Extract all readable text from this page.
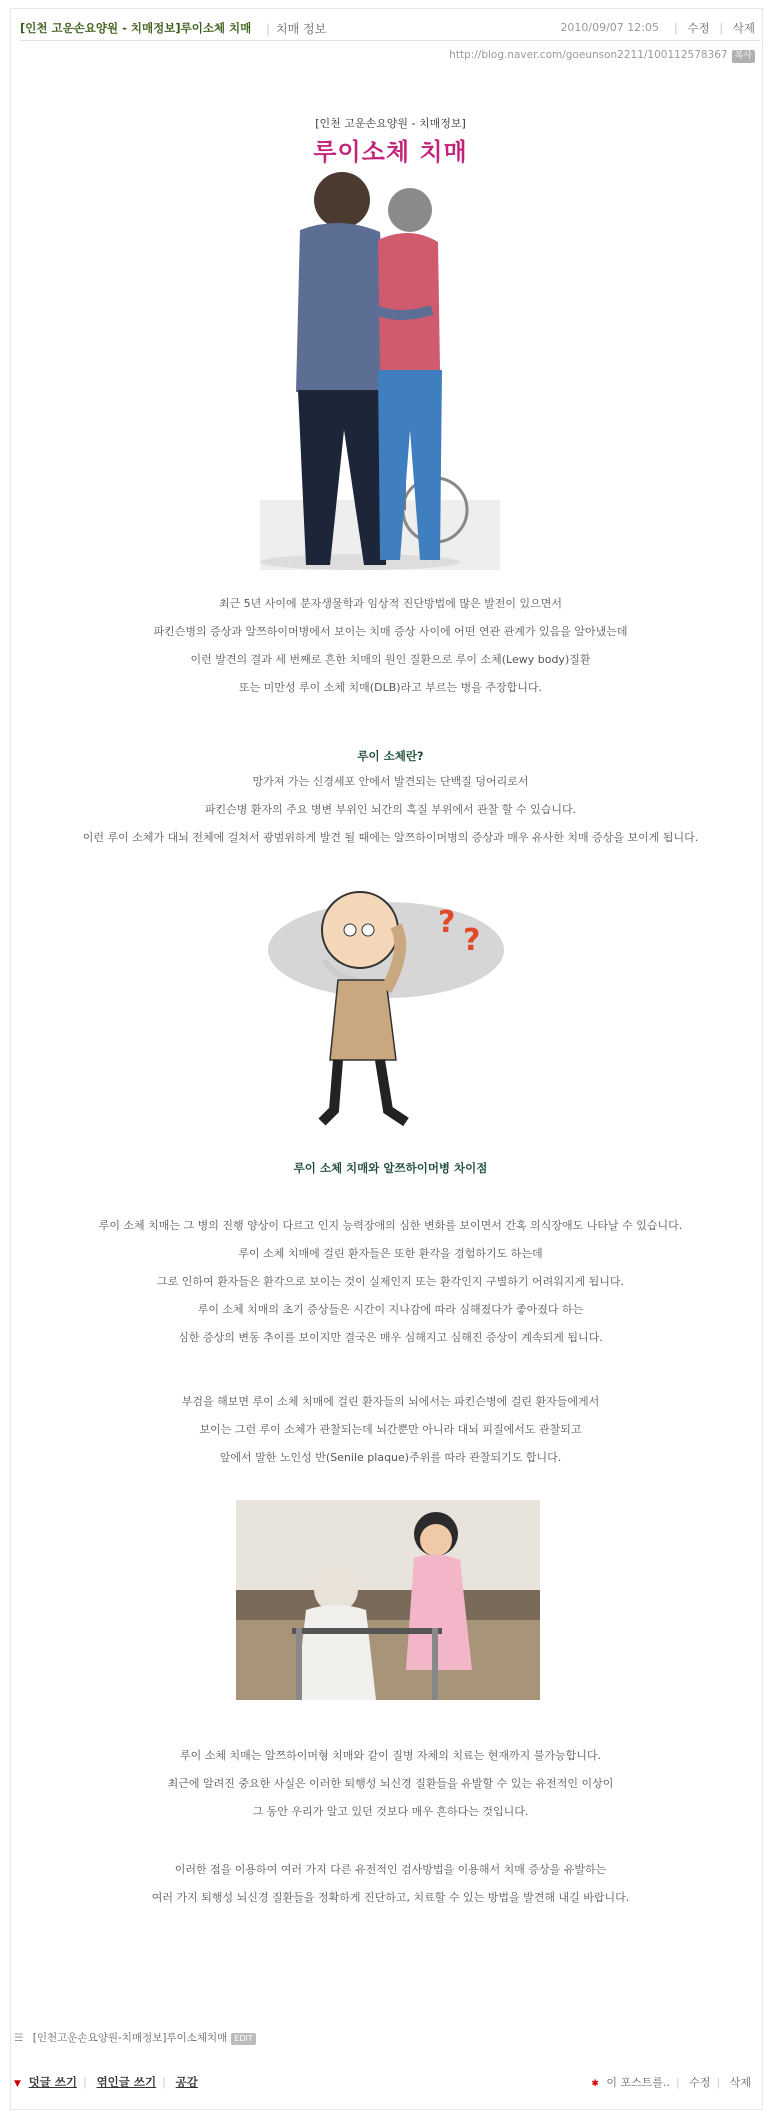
[인천 고운손요양원 - 치매정보]루이소체 치매	| 치매 정보	2010/09/07 12:05	| 수정 | 삭제
http://blog.naver.com/goeunson2211/100112578367 복사
[인천 고운손요양원 - 치매정보]
루이소체 치매

최근 5년 사이에 분자생물학과 임상적 진단방법에 많은 발전이 있으면서

파킨슨병의 증상과 알쯔하이머병에서 보이는 치매 증상 사이에 어떤 연관 관계가 있음을 알아냈는데

이런 발견의 결과 세 번째로 흔한 치매의 원인 질환으로 루이 소체(Lewy body)질환

또는 미만성 루이 소체 치매(DLB)라고 부르는 병을 주장합니다.

루이 소체란?

망가져 가는 신경세포 안에서 발견되는 단백질 덩어리로서

파킨슨병 환자의 주요 병변 부위인 뇌간의 흑질 부위에서 관찰 할 수 있습니다.

이런 루이 소체가 대뇌 전체에 걸쳐서 광범위하게 발견 될 때에는 알쯔하이머병의 증상과 매우 유사한 치매 증상을 보이게 됩니다.

?
?
루이 소체 치매와 알쯔하이머병 차이점

루이 소체 치매는 그 병의 진행 양상이 다르고 인지 능력장애의 심한 변화를 보이면서 간혹 의식장애도 나타날 수 있습니다.

루이 소체 치매에 걸린 환자들은 또한 환각을 경험하기도 하는데

그로 인하여 환자들은 환각으로 보이는 것이 실제인지 또는 환각인지 구별하기 어려워지게 됩니다.

루이 소체 치매의 초기 증상들은 시간이 지나감에 따라 심해졌다가 좋아졌다 하는

심한 증상의 변동 추이를 보이지만 결국은 매우 심해지고 심해진 증상이 계속되게 됩니다.

부검을 해보면 루이 소체 치매에 걸린 환자들의 뇌에서는 파킨슨병에 걸린 환자들에게서

보이는 그런 루이 소체가 관찰되는데 뇌간뿐만 아니라 대뇌 피질에서도 관찰되고

앞에서 말한 노인성 반(Senile plaque)주위를 따라 관찰되기도 합니다.

루이 소체 치매는 알쯔하이머형 치매와 같이 질병 자체의 치료는 현재까지 불가능합니다.

최근에 알려진 중요한 사실은 이러한 퇴행성 뇌신경 질환들을 유발할 수 있는 유전적인 이상이

그 동안 우리가 알고 있던 것보다 매우 흔하다는 것입니다.

이러한 점을 이용하여 여러 가지 다른 유전적인 검사방법을 이용해서 치매 증상을 유발하는

여러 가지 퇴행성 뇌신경 질환들을 정확하게 진단하고, 치료할 수 있는 방법을 발견해 내길 바랍니다.

☰ [인천고운손요양원-치매정보]루이소체치매 EDIT
▼ 덧글 쓰기 | 엮인글 쓰기 | 공감	✱ 이 포스트를.. | 수정 | 삭제
